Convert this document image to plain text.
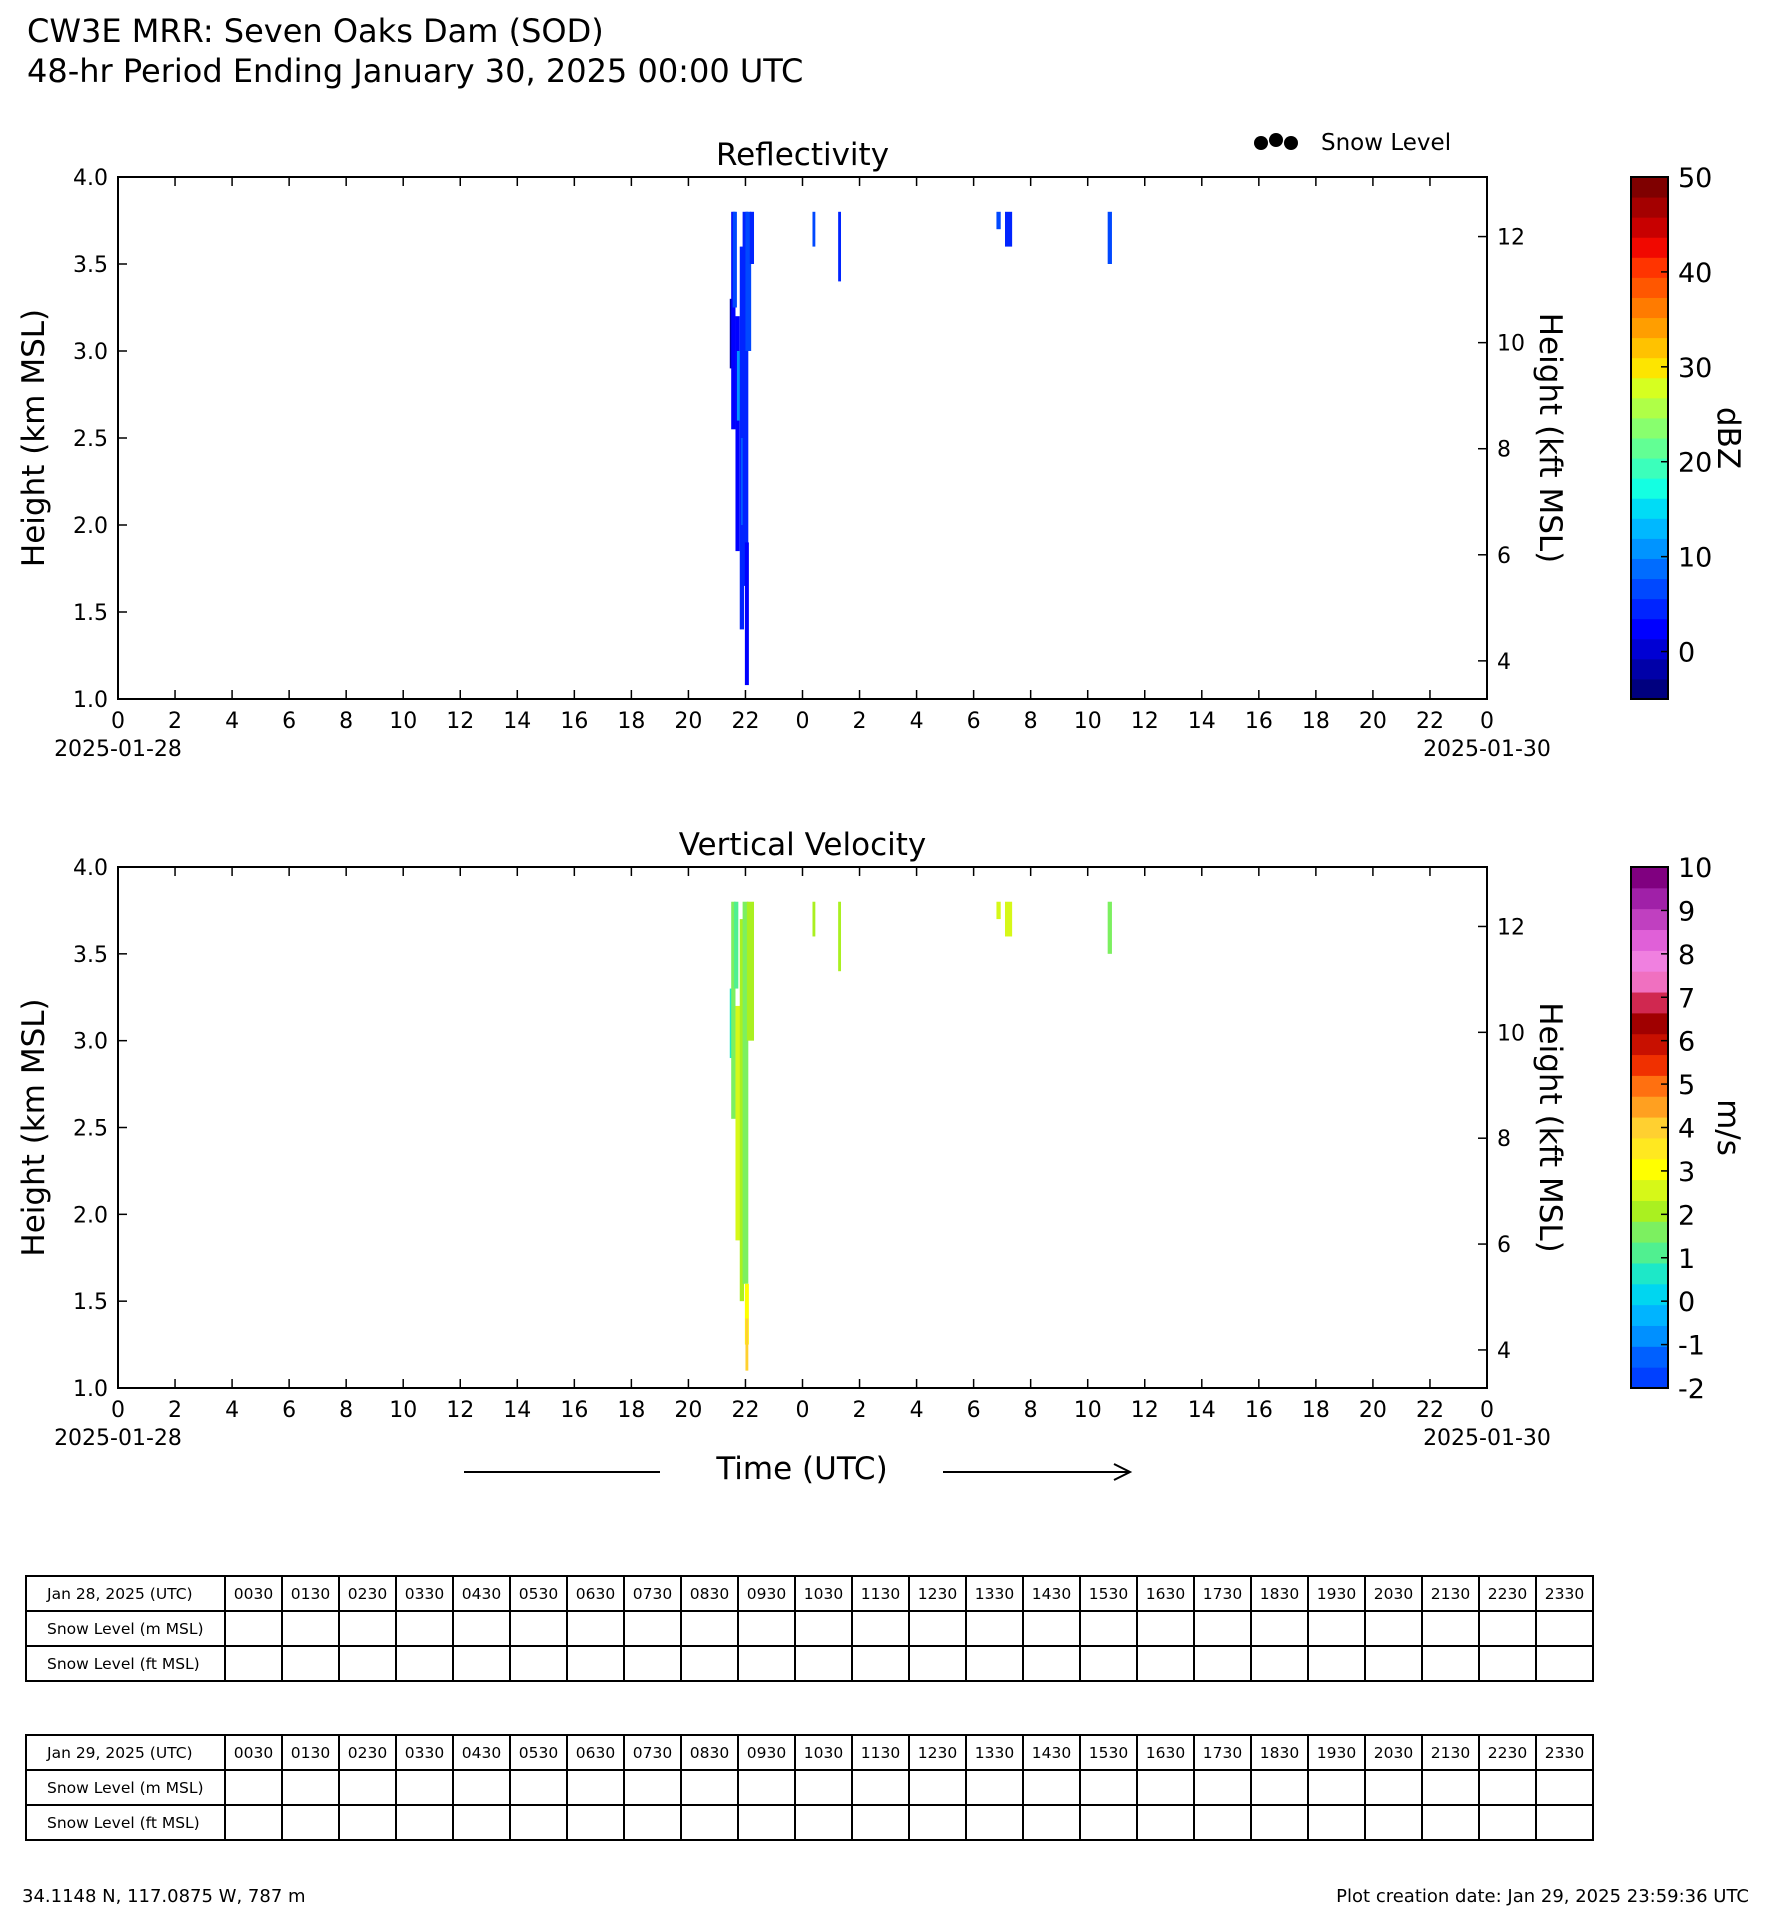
CW3E MRR: Seven Oaks Dam (SOD)
48-hr Period Ending January 30, 2025 00:00 UTC
Reflectivity
0 2 4 6 8 10 12 14 16 18 20 22 0 2 4 6 8 10 12 14 16 18 20 22 0
2025-01-28	2025-01-30
1.0
1.5
2.0
2.5
3.0
3.5
4.0
Height (km MSL)
4
6
8
10
12
Height (kft MSL)
0
10
20
30
40
50
dBZ
Vertical Velocity
0 2 4 6 8 10 12 14 16 18 20 22 0 2 4 6 8 10 12 14 16 18 20 22 0
2025-01-28	2025-01-30
1.0
1.5
2.0
2.5
3.0
3.5
4.0
Height (km MSL)
4
6
8
10
12
Height (kft MSL)
-2
-1
0
1
2
3
4
5
6
7
8
9
10
m/s
Snow Level
Time (UTC)
Jan 28, 2025 (UTC)	0030	0130	0230	0330	0430	0530	0630	0730	0830	0930	1030	1130	1230	1330	1430	1530	1630	1730	1830	1930	2030	2130	2230	2330
Snow Level (m MSL)																								
Snow Level (ft MSL)																								
Jan 29, 2025 (UTC)	0030	0130	0230	0330	0430	0530	0630	0730	0830	0930	1030	1130	1230	1330	1430	1530	1630	1730	1830	1930	2030	2130	2230	2330
Snow Level (m MSL)																								
Snow Level (ft MSL)																								
34.1148 N, 117.0875 W, 787 m	Plot creation date: Jan 29, 2025 23:59:36 UTC
